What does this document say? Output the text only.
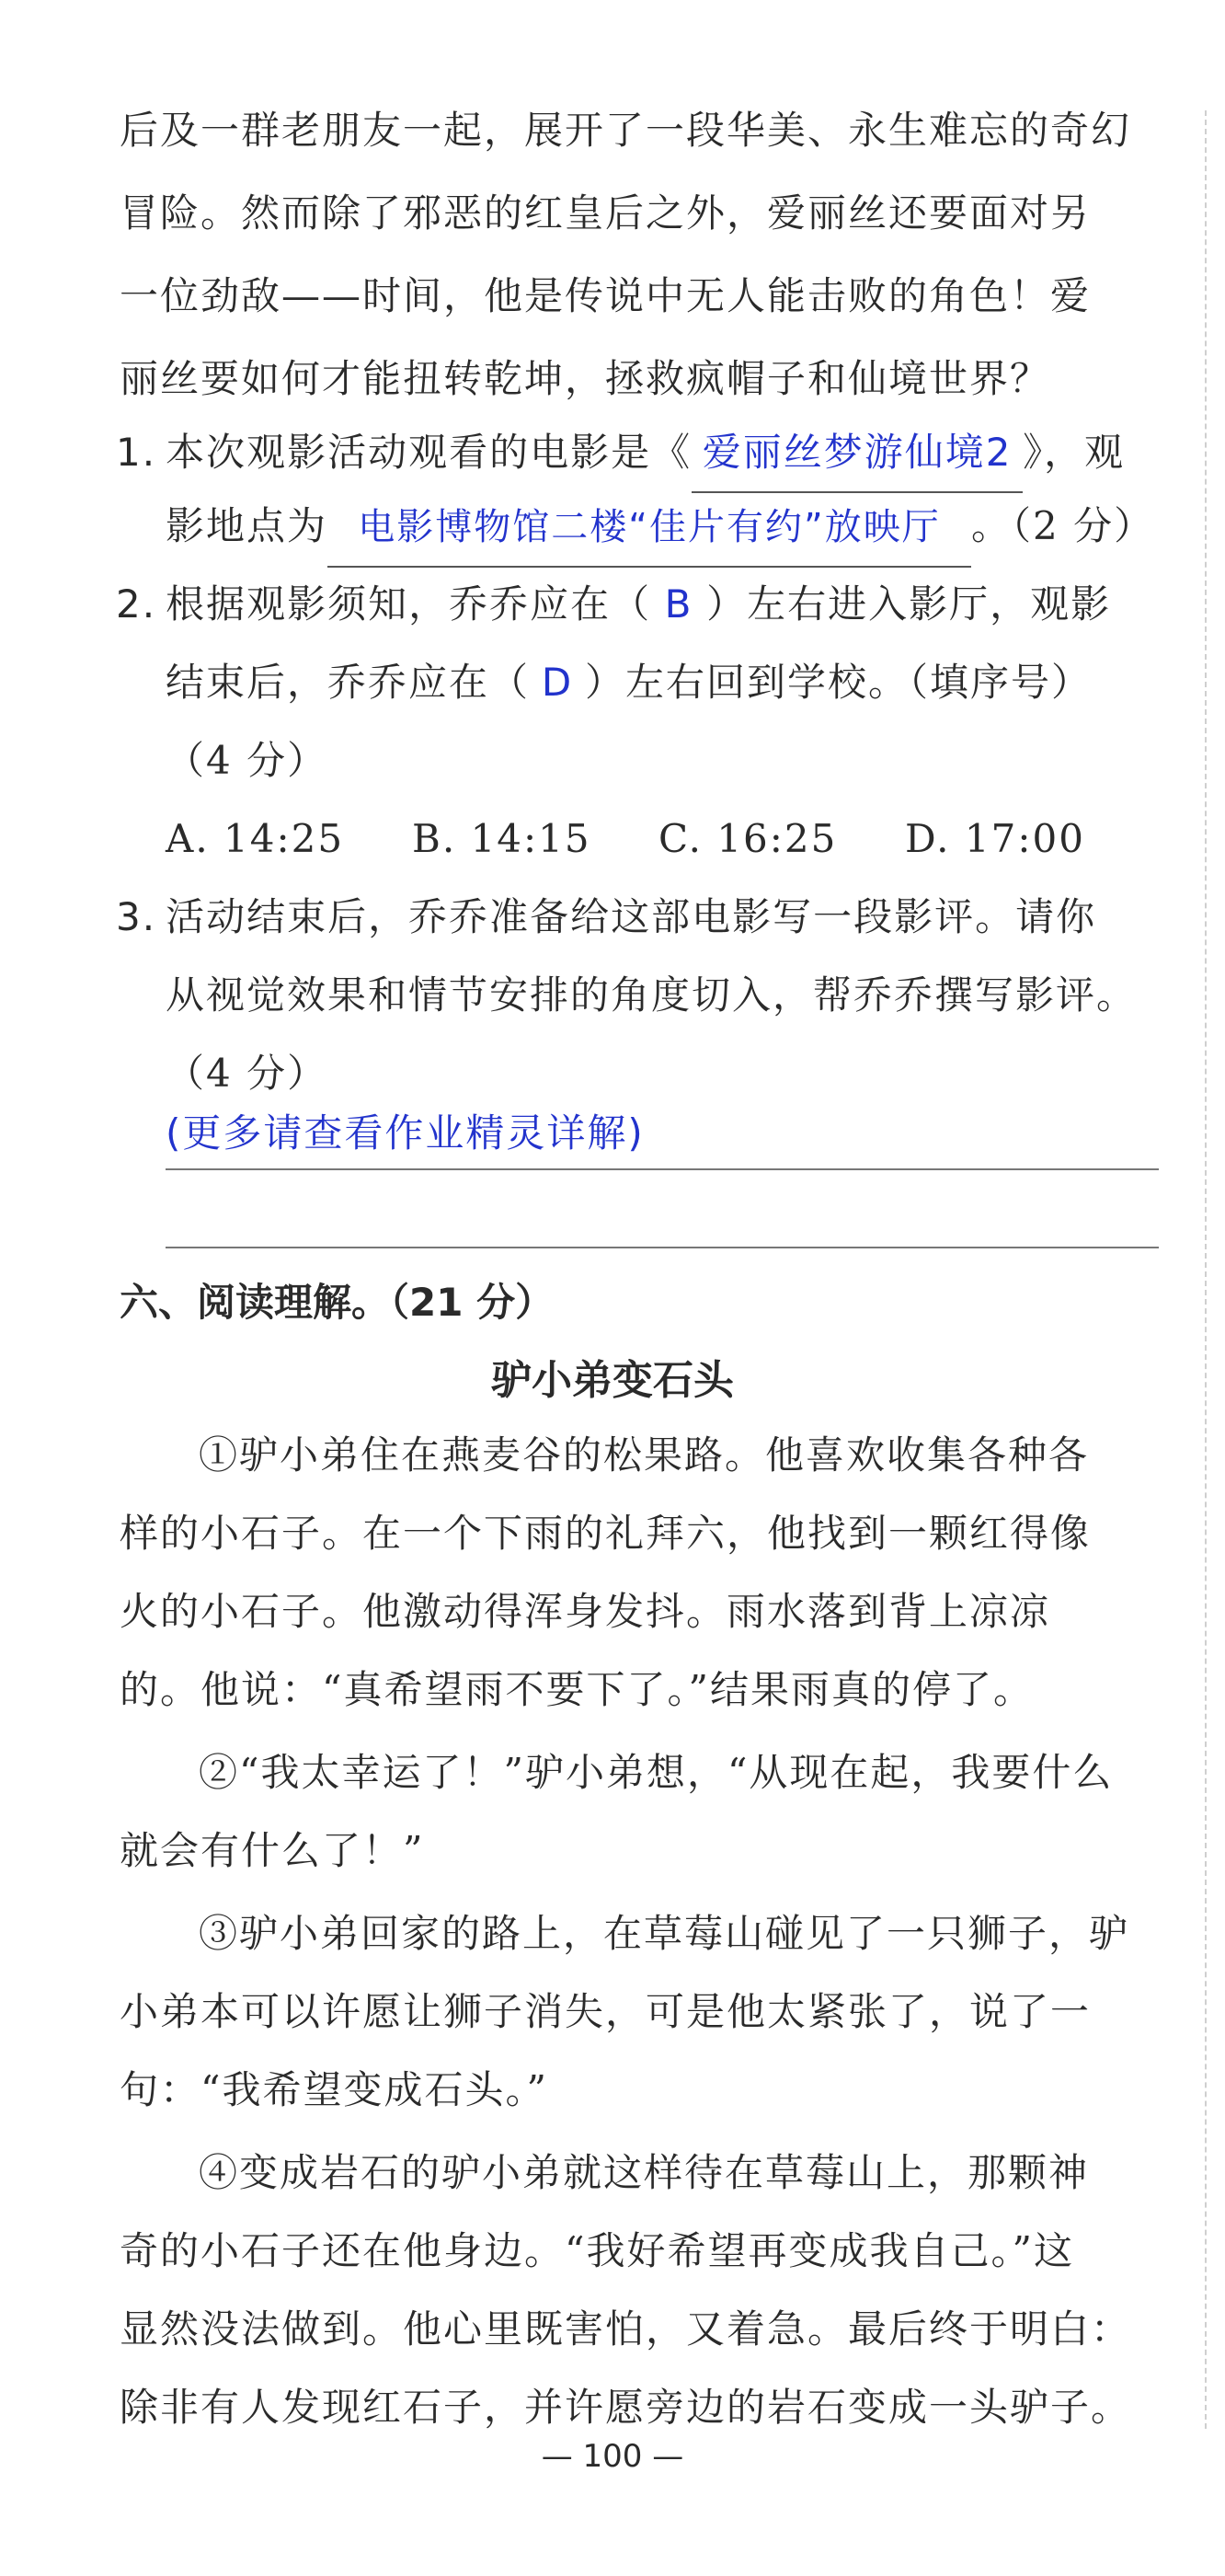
后及一群老朋友一起，展开了一段华美、永生难忘的奇幻
冒险。然而除了邪恶的红皇后之外，爱丽丝还要面对另
一位劲敌——时间，他是传说中无人能击败的角色！爱
丽丝要如何才能扭转乾坤，拯救疯帽子和仙境世界？
1. 本次观影活动观看的电影是《 爱丽丝梦游仙境2 》，观
影地点为 电影博物馆二楼“佳片有约”放映厅 。（2 分）
2. 根据观影须知，乔乔应在（ B ）左右进入影厅，观影
结束后，乔乔应在（ D ）左右回到学校。（填序号）
（4 分）
A. 14:25 B. 14:15 C. 16:25 D. 17:00
3. 活动结束后，乔乔准备给这部电影写一段影评。请你
从视觉效果和情节安排的角度切入，帮乔乔撰写影评。
（4 分）
(更多请查看作业精灵详解)
六、阅读理解。（21 分）
驴小弟变石头
①驴小弟住在燕麦谷的松果路。他喜欢收集各种各
样的小石子。在一个下雨的礼拜六，他找到一颗红得像
火的小石子。他激动得浑身发抖。雨水落到背上凉凉
的。他说：“真希望雨不要下了。”结果雨真的停了。
②“我太幸运了！”驴小弟想，“从现在起，我要什么
就会有什么了！”
③驴小弟回家的路上，在草莓山碰见了一只狮子，驴
小弟本可以许愿让狮子消失，可是他太紧张了，说了一
句：“我希望变成石头。”
④变成岩石的驴小弟就这样待在草莓山上，那颗神
奇的小石子还在他身边。“我好希望再变成我自己。”这
显然没法做到。他心里既害怕，又着急。最后终于明白：
除非有人发现红石子，并许愿旁边的岩石变成一头驴子。
— 100 —
